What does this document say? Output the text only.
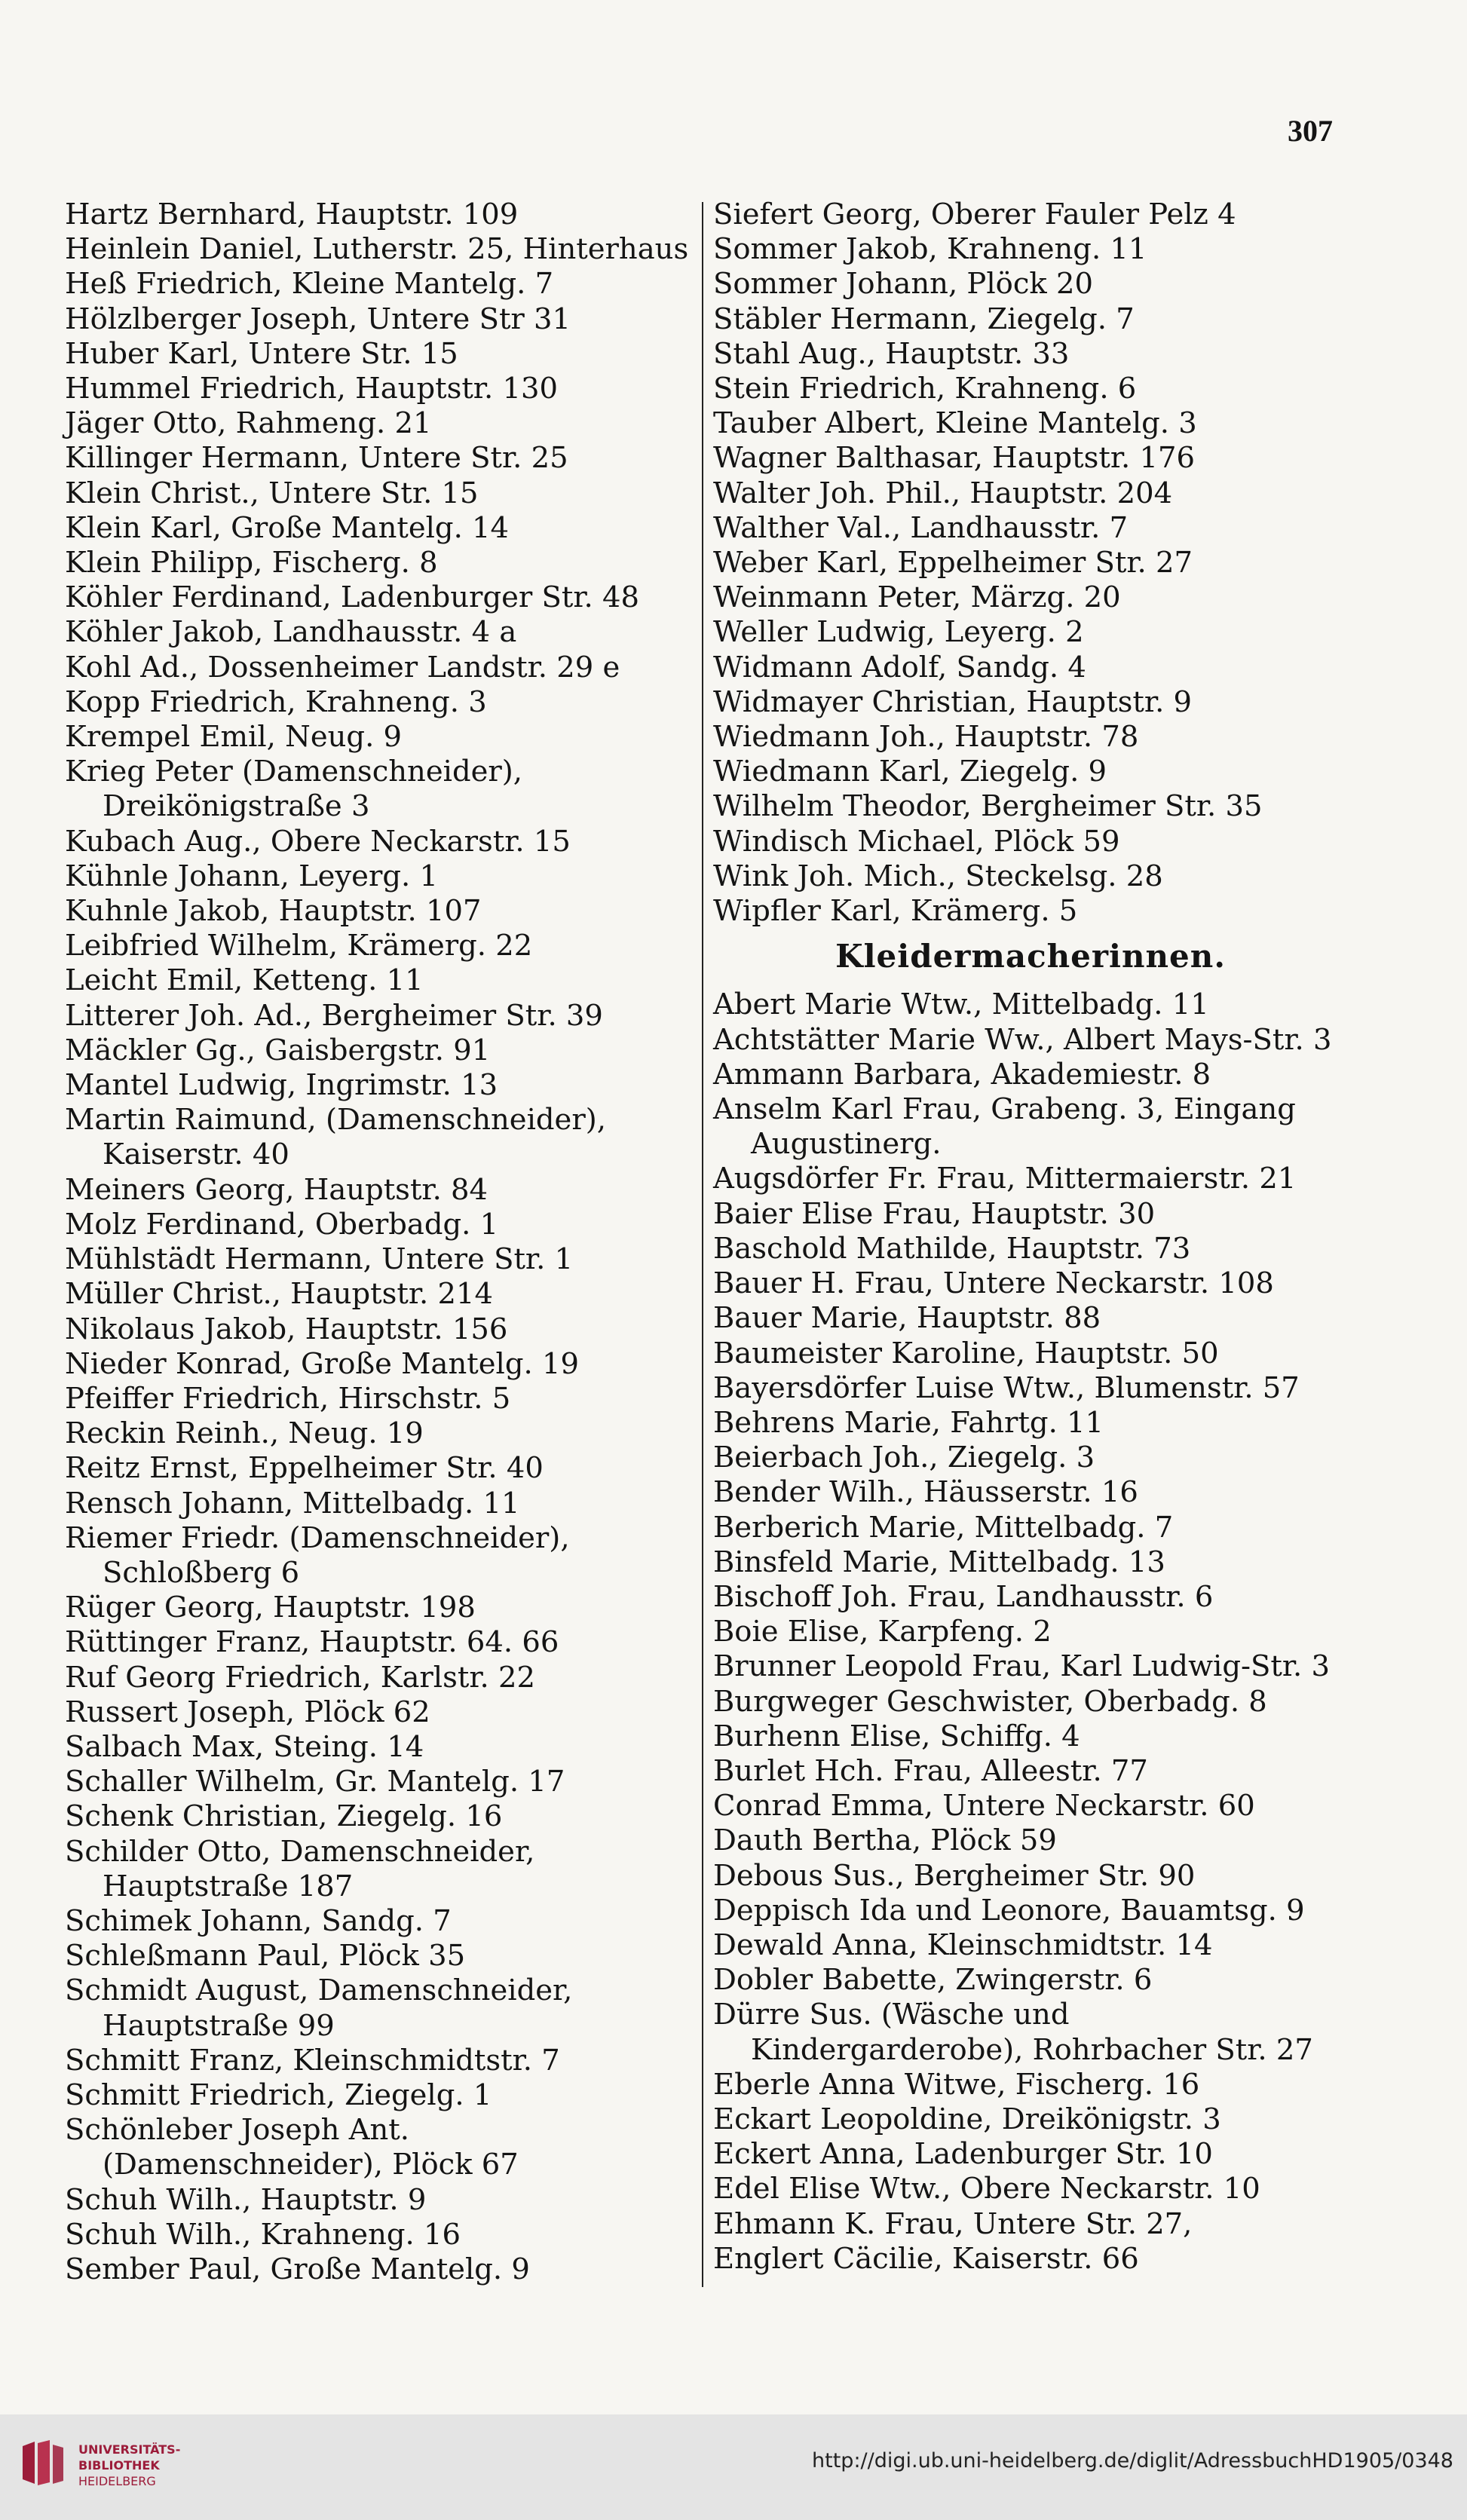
307
Hartz Bernhard, Hauptstr. 109
Heinlein Daniel, Lutherstr. 25, Hinterhaus
Heß Friedrich, Kleine Mantelg. 7
Hölzlberger Joseph, Untere Str 31
Huber Karl, Untere Str. 15
Hummel Friedrich, Hauptstr. 130
Jäger Otto, Rahmeng. 21
Killinger Hermann, Untere Str. 25
Klein Christ., Untere Str. 15
Klein Karl, Große Mantelg. 14
Klein Philipp, Fischerg. 8
Köhler Ferdinand, Ladenburger Str. 48
Köhler Jakob, Landhausstr. 4 a
Kohl Ad., Dossenheimer Landstr. 29 e
Kopp Friedrich, Krahneng. 3
Krempel Emil, Neug. 9
Krieg Peter (Damenschneider), Dreikönigstraße 3
Kubach Aug., Obere Neckarstr. 15
Kühnle Johann, Leyerg. 1
Kuhnle Jakob, Hauptstr. 107
Leibfried Wilhelm, Krämerg. 22
Leicht Emil, Ketteng. 11
Litterer Joh. Ad., Bergheimer Str. 39
Mäckler Gg., Gaisbergstr. 91
Mantel Ludwig, Ingrimstr. 13
Martin Raimund, (Damenschneider), Kaiserstr. 40
Meiners Georg, Hauptstr. 84
Molz Ferdinand, Oberbadg. 1
Mühlstädt Hermann, Untere Str. 1
Müller Christ., Hauptstr. 214
Nikolaus Jakob, Hauptstr. 156
Nieder Konrad, Große Mantelg. 19
Pfeiffer Friedrich, Hirschstr. 5
Reckin Reinh., Neug. 19
Reitz Ernst, Eppelheimer Str. 40
Rensch Johann, Mittelbadg. 11
Riemer Friedr. (Damenschneider), Schloßberg 6
Rüger Georg, Hauptstr. 198
Rüttinger Franz, Hauptstr. 64. 66
Ruf Georg Friedrich, Karlstr. 22
Russert Joseph, Plöck 62
Salbach Max, Steing. 14
Schaller Wilhelm, Gr. Mantelg. 17
Schenk Christian, Ziegelg. 16
Schilder Otto, Damenschneider, Hauptstraße 187
Schimek Johann, Sandg. 7
Schleßmann Paul, Plöck 35
Schmidt August, Damenschneider, Hauptstraße 99
Schmitt Franz, Kleinschmidtstr. 7
Schmitt Friedrich, Ziegelg. 1
Schönleber Joseph Ant. (Damenschneider), Plöck 67
Schuh Wilh., Hauptstr. 9
Schuh Wilh., Krahneng. 16
Sember Paul, Große Mantelg. 9
Siefert Georg, Oberer Fauler Pelz 4
Sommer Jakob, Krahneng. 11
Sommer Johann, Plöck 20
Stäbler Hermann, Ziegelg. 7
Stahl Aug., Hauptstr. 33
Stein Friedrich, Krahneng. 6
Tauber Albert, Kleine Mantelg. 3
Wagner Balthasar, Hauptstr. 176
Walter Joh. Phil., Hauptstr. 204
Walther Val., Landhausstr. 7
Weber Karl, Eppelheimer Str. 27
Weinmann Peter, Märzg. 20
Weller Ludwig, Leyerg. 2
Widmann Adolf, Sandg. 4
Widmayer Christian, Hauptstr. 9
Wiedmann Joh., Hauptstr. 78
Wiedmann Karl, Ziegelg. 9
Wilhelm Theodor, Bergheimer Str. 35
Windisch Michael, Plöck 59
Wink Joh. Mich., Steckelsg. 28
Wipfler Karl, Krämerg. 5
Kleidermacherinnen.
Abert Marie Wtw., Mittelbadg. 11
Achtstätter Marie Ww., Albert Mays-Str. 3
Ammann Barbara, Akademiestr. 8
Anselm Karl Frau, Grabeng. 3, Eingang Augustinerg.
Augsdörfer Fr. Frau, Mittermaierstr. 21
Baier Elise Frau, Hauptstr. 30
Baschold Mathilde, Hauptstr. 73
Bauer H. Frau, Untere Neckarstr. 108
Bauer Marie, Hauptstr. 88
Baumeister Karoline, Hauptstr. 50
Bayersdörfer Luise Wtw., Blumenstr. 57
Behrens Marie, Fahrtg. 11
Beierbach Joh., Ziegelg. 3
Bender Wilh., Häusserstr. 16
Berberich Marie, Mittelbadg. 7
Binsfeld Marie, Mittelbadg. 13
Bischoff Joh. Frau, Landhausstr. 6
Boie Elise, Karpfeng. 2
Brunner Leopold Frau, Karl Ludwig-Str. 3
Burgweger Geschwister, Oberbadg. 8
Burhenn Elise, Schiffg. 4
Burlet Hch. Frau, Alleestr. 77
Conrad Emma, Untere Neckarstr. 60
Dauth Bertha, Plöck 59
Debous Sus., Bergheimer Str. 90
Deppisch Ida und Leonore, Bauamtsg. 9
Dewald Anna, Kleinschmidtstr. 14
Dobler Babette, Zwingerstr. 6
Dürre Sus. (Wäsche und Kindergarderobe), Rohrbacher Str. 27
Eberle Anna Witwe, Fischerg. 16
Eckart Leopoldine, Dreikönigstr. 3
Eckert Anna, Ladenburger Str. 10
Edel Elise Wtw., Obere Neckarstr. 10
Ehmann K. Frau, Untere Str. 27,
Englert Cäcilie, Kaiserstr. 66
UNIVERSITÄTS-
BIBLIOTHEK
HEIDELBERG
http://digi.ub.uni-heidelberg.de/diglit/AdressbuchHD1905/0348
